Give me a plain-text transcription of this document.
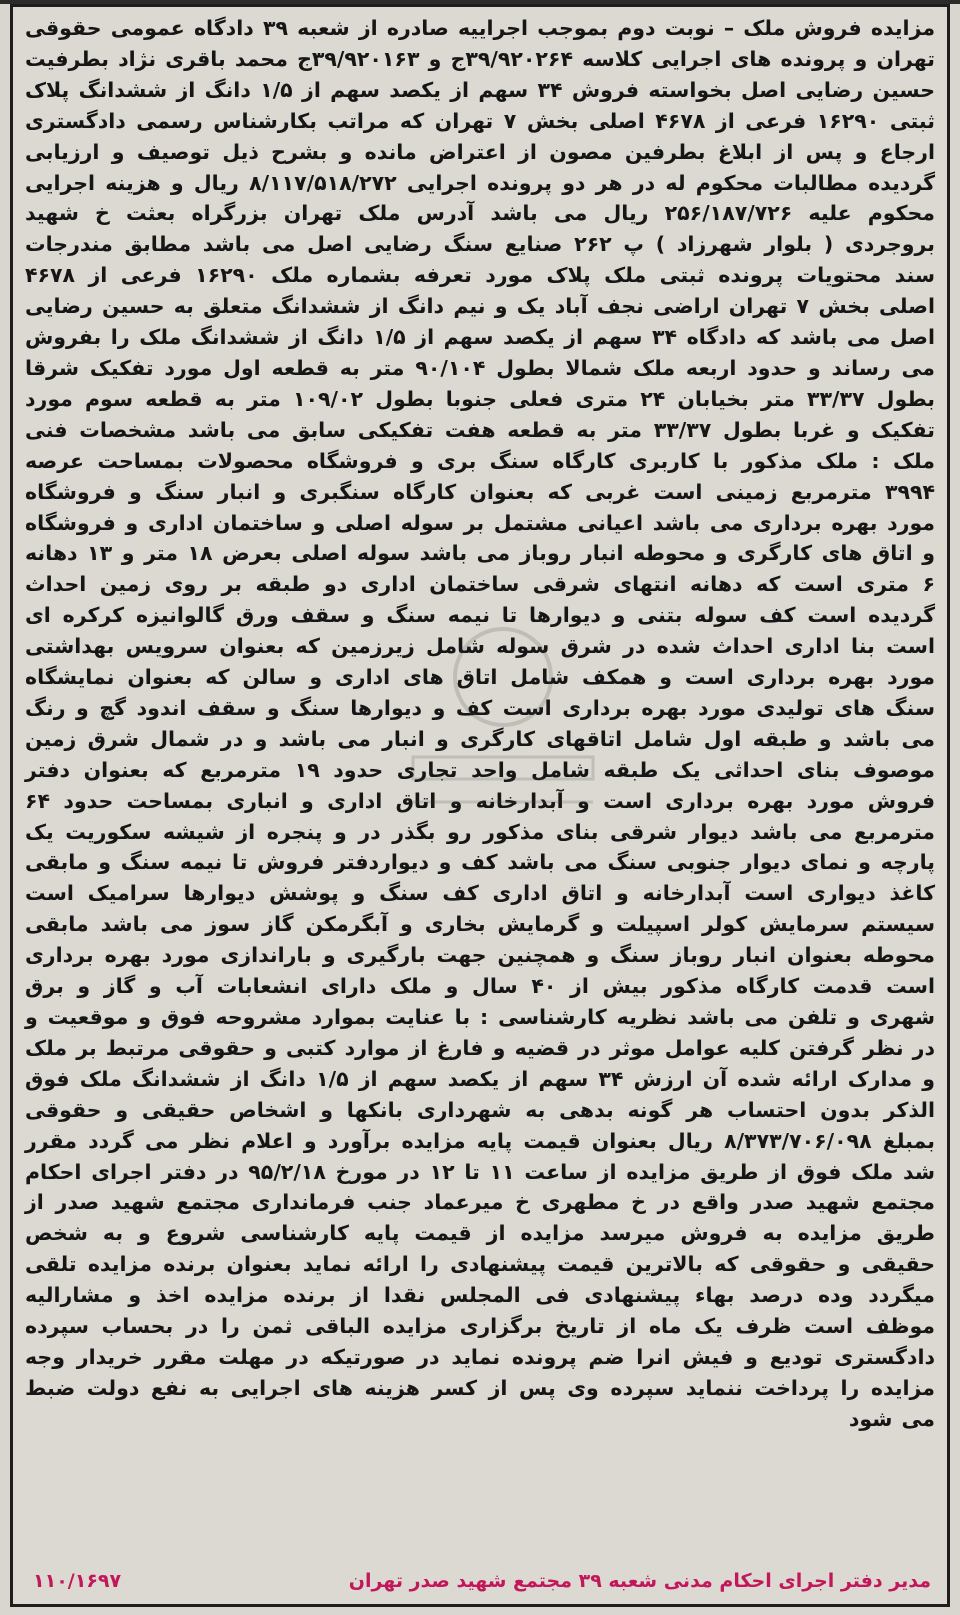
مزایده فروش ملک – نوبت دوم بموجب اجراییه صادره از شعبه ۳۹ دادگاه عمومی حقوقی تهران و پرونده های اجرایی کلاسه ۳۹/۹۲۰۲۶۴ج و ۳۹/۹۲۰۱۶۳ج محمد باقری نژاد بطرفیت حسین رضایی اصل بخواسته فروش ۳۴ سهم از یکصد سهم از ۱/۵ دانگ از ششدانگ پلاک ثبتی ۱۶۲۹۰ فرعی از ۴۶۷۸ اصلی بخش ۷ تهران که مراتب بکارشناس رسمی دادگستری ارجاع و پس از ابلاغ بطرفین مصون از اعتراض مانده و بشرح ذیل توصیف و ارزیابی گردیده مطالبات محکوم له در هر دو پرونده اجرایی ۸/۱۱۷/۵۱۸/۲۷۲ ریال و هزینه اجرایی محکوم علیه ۲۵۶/۱۸۷/۷۲۶ ریال می باشد آدرس ملک تهران بزرگراه بعثت خ شهید بروجردی ( بلوار شهرزاد ) پ ۲۶۲ صنایع سنگ رضایی اصل می باشد مطابق مندرجات سند محتویات پرونده ثبتی ملک پلاک مورد تعرفه بشماره ملک ۱۶۲۹۰ فرعی از ۴۶۷۸ اصلی بخش ۷ تهران اراضی نجف آباد یک و نیم دانگ از ششدانگ متعلق به حسین رضایی اصل می باشد که دادگاه ۳۴ سهم از یکصد سهم از ۱/۵ دانگ از ششدانگ ملک را بفروش می رساند و حدود اربعه ملک شمالا بطول ۹۰/۱۰۴ متر به قطعه اول مورد تفکیک شرقا بطول ۳۳/۳۷ متر بخیابان ۲۴ متری فعلی جنوبا بطول ۱۰۹/۰۲ متر به قطعه سوم مورد تفکیک و غربا بطول ۳۳/۳۷ متر به قطعه هفت تفکیکی سابق می باشد مشخصات فنی ملک : ملک مذکور با کاربری کارگاه سنگ بری و فروشگاه محصولات بمساحت عرصه ۳۹۹۴ مترمربع زمینی است غربی که بعنوان کارگاه سنگبری و انبار سنگ و فروشگاه مورد بهره برداری می باشد اعیانی مشتمل بر سوله اصلی و ساختمان اداری و فروشگاه و اتاق های کارگری و محوطه انبار روباز می باشد سوله اصلی بعرض ۱۸ متر و ۱۳ دهانه ۶ متری است که دهانه انتهای شرقی ساختمان اداری دو طبقه بر روی زمین احداث گردیده است کف سوله بتنی و دیوارها تا نیمه سنگ و سقف ورق گالوانیزه کرکره ای است بنا اداری احداث شده در شرق سوله شامل زیرزمین که بعنوان سرویس بهداشتی مورد بهره برداری است و همکف شامل اتاق های اداری و سالن که بعنوان نمایشگاه سنگ های تولیدی مورد بهره برداری است کف و دیوارها سنگ و سقف اندود گچ و رنگ می باشد و طبقه اول شامل اتاقهای کارگری و انبار می باشد و در شمال شرق زمین موصوف بنای احداثی یک طبقه شامل واحد تجاری حدود ۱۹ مترمربع که بعنوان دفتر فروش مورد بهره برداری است و آبدارخانه و اتاق اداری و انباری بمساحت حدود ۶۴ مترمربع می باشد دیوار شرقی بنای مذکور رو بگذر در و پنجره از شیشه سکوریت یک پارچه و نمای دیوار جنوبی سنگ می باشد کف و دیواردفتر فروش تا نیمه سنگ و مابقی کاغذ دیواری است آبدارخانه و اتاق اداری کف سنگ و پوشش دیوارها سرامیک است سیستم سرمایش کولر اسپیلت و گرمایش بخاری و آبگرمکن گاز سوز می باشد مابقی محوطه بعنوان انبار روباز سنگ و همچنین جهت بارگیری و باراندازی مورد بهره برداری است قدمت کارگاه مذکور بیش از ۴۰ سال و ملک دارای انشعابات آب و گاز و برق شهری و تلفن می باشد نظریه کارشناسی : با عنایت بموارد مشروحه فوق و موقعیت و در نظر گرفتن کلیه عوامل موثر در قضیه و فارغ از موارد کتبی و حقوقی مرتبط بر ملک و مدارک ارائه شده آن ارزش ۳۴ سهم از یکصد سهم از ۱/۵ دانگ از ششدانگ ملک فوق الذکر بدون احتساب هر گونه بدهی به شهرداری بانکها و اشخاص حقیقی و حقوقی بمبلغ ۸/۳۷۳/۷۰۶/۰۹۸ ریال بعنوان قیمت پایه مزایده برآورد و اعلام نظر می گردد مقرر شد ملک فوق از طریق مزایده از ساعت ۱۱ تا ۱۲ در مورخ ۹۵/۲/۱۸ در دفتر اجرای احکام مجتمع شهید صدر واقع در خ مطهری خ میرعماد جنب فرمانداری مجتمع شهید صدر از طریق مزایده به فروش میرسد مزایده از قیمت پایه کارشناسی شروع و به شخص حقیقی و حقوقی که بالاترین قیمت پیشنهادی را ارائه نماید بعنوان برنده مزایده تلقی میگردد وده درصد بهاء پیشنهادی فی المجلس نقدا از برنده مزایده اخذ و مشارالیه موظف است ظرف یک ماه از تاریخ برگزاری مزایده الباقی ثمن را در بحساب سپرده دادگستری تودیع و فیش انرا ضم پرونده نماید در صورتیکه در مهلت مقرر خریدار وجه مزایده را پرداخت ننماید سپرده وی پس از کسر هزینه های اجرایی به نفع دولت ضبط می شود

مدیر دفتر اجرای احکام مدنی شعبه ۳۹ مجتمع شهید صدر تهران
۱۱۰/۱۶۹۷
